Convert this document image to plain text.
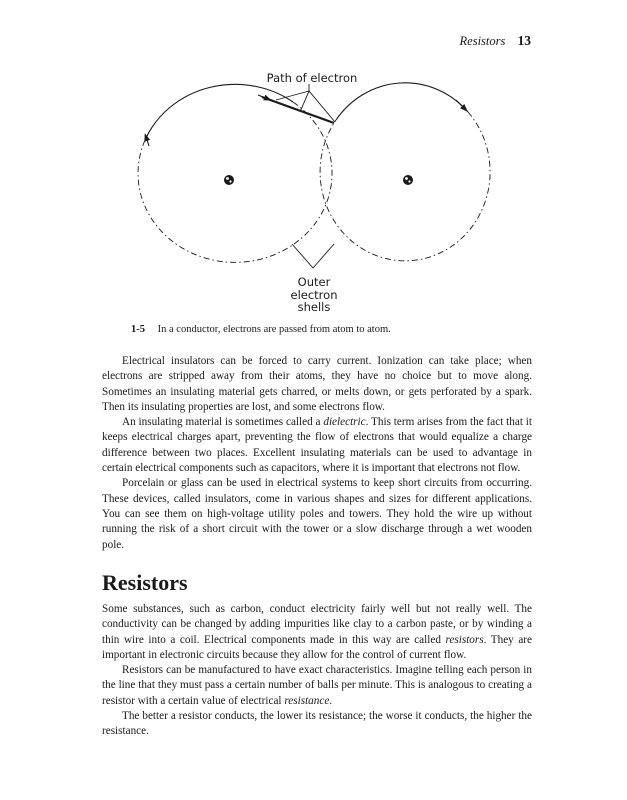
Resistors 13
Path of electron
Outer
electron
shells
1-5 In a conductor, electrons are passed from atom to atom.

Electrical insulators can be forced to carry current. Ionization can take place; when electrons are stripped away from their atoms, they have no choice but to move along. Sometimes an insulating material gets charred, or melts down, or gets perforated by a spark. Then its insulating properties are lost, and some electrons flow.

An insulating material is sometimes called a dielectric. This term arises from the fact that it keeps electrical charges apart, preventing the flow of electrons that would equalize a charge difference between two places. Excellent insulating materials can be used to advantage in certain electrical components such as capacitors, where it is important that electrons not flow.

Porcelain or glass can be used in electrical systems to keep short circuits from occurring. These devices, called insulators, come in various shapes and sizes for different applications. You can see them on high-voltage utility poles and towers. They hold the wire up without running the risk of a short circuit with the tower or a slow discharge through a wet wooden pole.

Resistors

Some substances, such as carbon, conduct electricity fairly well but not really well. The conductivity can be changed by adding impurities like clay to a carbon paste, or by winding a thin wire into a coil. Electrical components made in this way are called resistors. They are important in electronic circuits because they allow for the control of current flow.

Resistors can be manufactured to have exact characteristics. Imagine telling each person in the line that they must pass a certain number of balls per minute. This is analogous to creating a resistor with a certain value of electrical resistance.

The better a resistor conducts, the lower its resistance; the worse it conducts, the higher the resistance.
